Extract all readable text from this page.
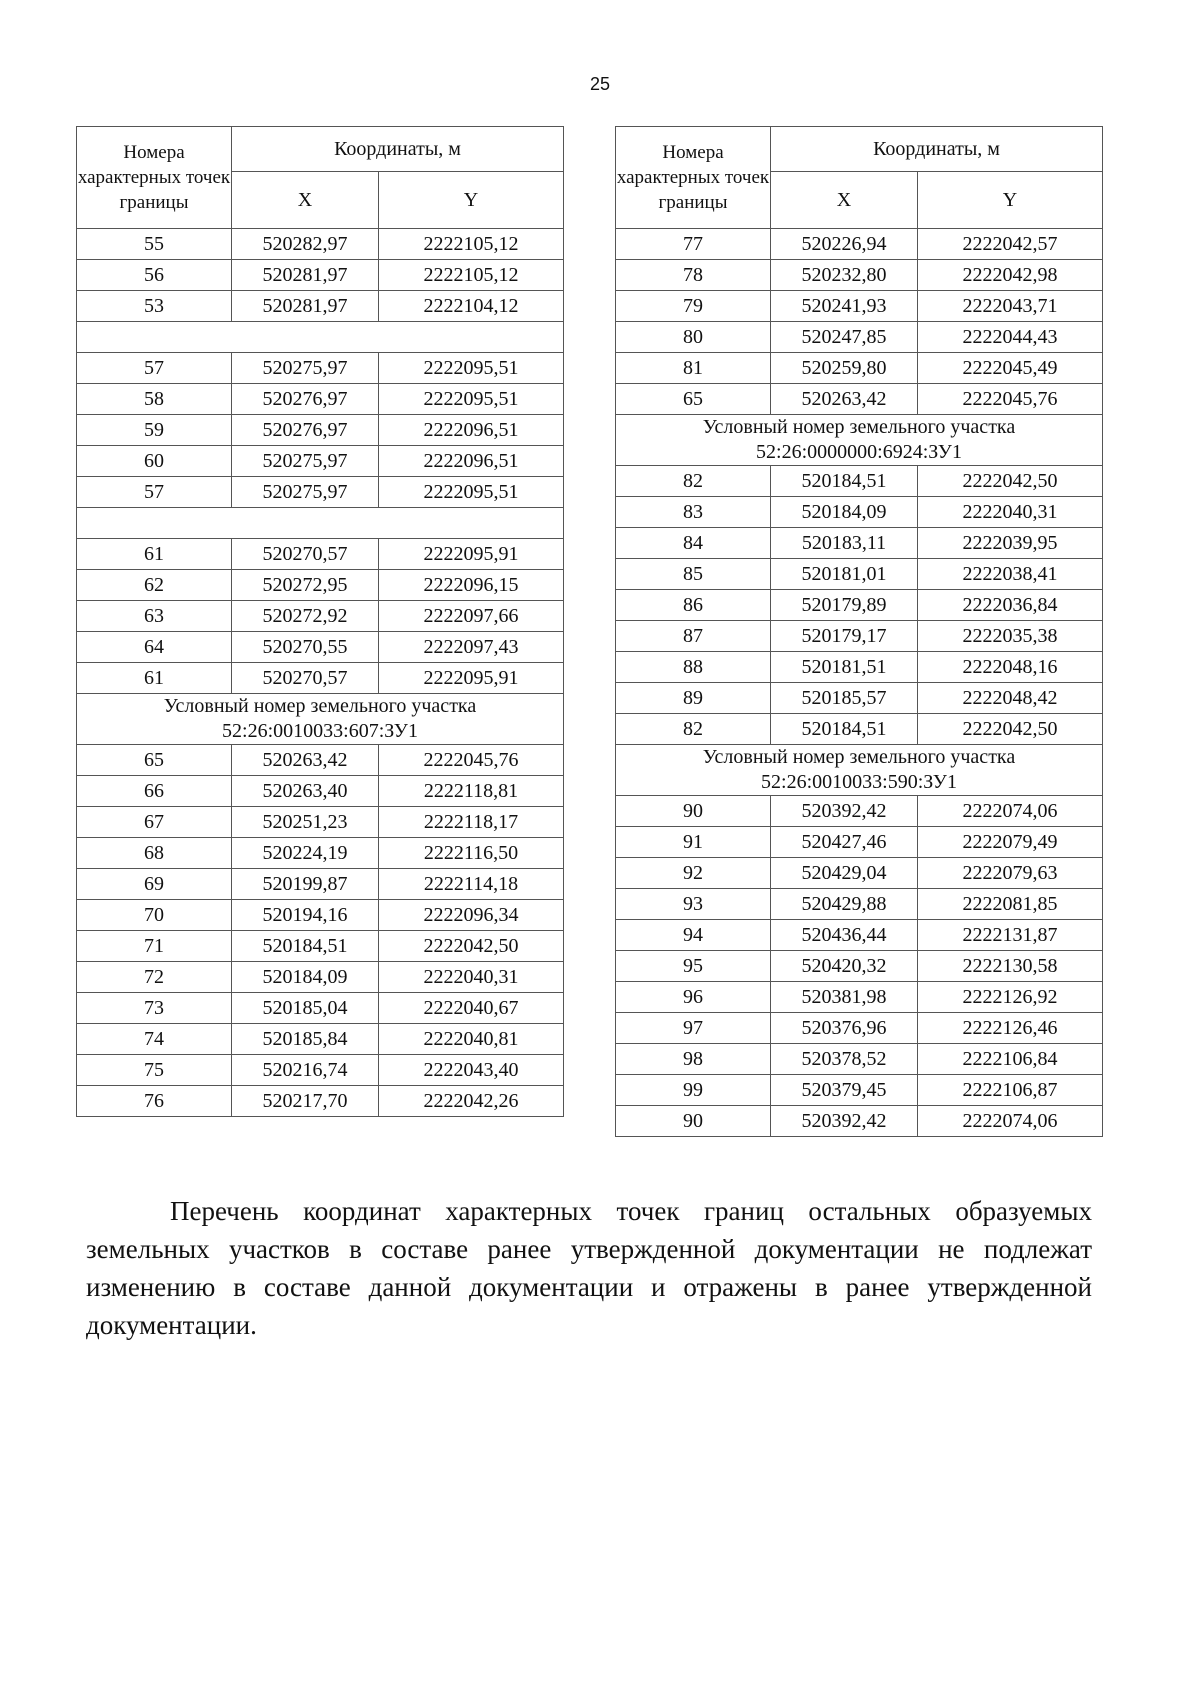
25
Номера характерных точек границы	Координаты, м	
	X	Y
55	520282,97	2222105,12
56	520281,97	2222105,12
53	520281,97	2222104,12

57	520275,97	2222095,51
58	520276,97	2222095,51
59	520276,97	2222096,51
60	520275,97	2222096,51
57	520275,97	2222095,51

61	520270,57	2222095,91
62	520272,95	2222096,15
63	520272,92	2222097,66
64	520270,55	2222097,43
61	520270,57	2222095,91

Условный номер земельного участка
52:26:0010033:607:ЗУ1		

65	520263,42	2222045,76
66	520263,40	2222118,81
67	520251,23	2222118,17
68	520224,19	2222116,50
69	520199,87	2222114,18
70	520194,16	2222096,34
71	520184,51	2222042,50
72	520184,09	2222040,31
73	520185,04	2222040,67
74	520185,84	2222040,81
75	520216,74	2222043,40
76	520217,70	2222042,26
Номера характерных точек границы	Координаты, м	
	X	Y
77	520226,94	2222042,57
78	520232,80	2222042,98
79	520241,93	2222043,71
80	520247,85	2222044,43
81	520259,80	2222045,49
65	520263,42	2222045,76

Условный номер земельного участка
52:26:0000000:6924:ЗУ1		

82	520184,51	2222042,50
83	520184,09	2222040,31
84	520183,11	2222039,95
85	520181,01	2222038,41
86	520179,89	2222036,84
87	520179,17	2222035,38
88	520181,51	2222048,16
89	520185,57	2222048,42
82	520184,51	2222042,50

Условный номер земельного участка
52:26:0010033:590:ЗУ1		

90	520392,42	2222074,06
91	520427,46	2222079,49
92	520429,04	2222079,63
93	520429,88	2222081,85
94	520436,44	2222131,87
95	520420,32	2222130,58
96	520381,98	2222126,92
97	520376,96	2222126,46
98	520378,52	2222106,84
99	520379,45	2222106,87
90	520392,42	2222074,06

Перечень координат характерных точек границ остальных образуемых земельных участков в составе ранее утвержденной документации не подлежат изменению в составе данной документации и отражены в ранее утвержденной документации.
